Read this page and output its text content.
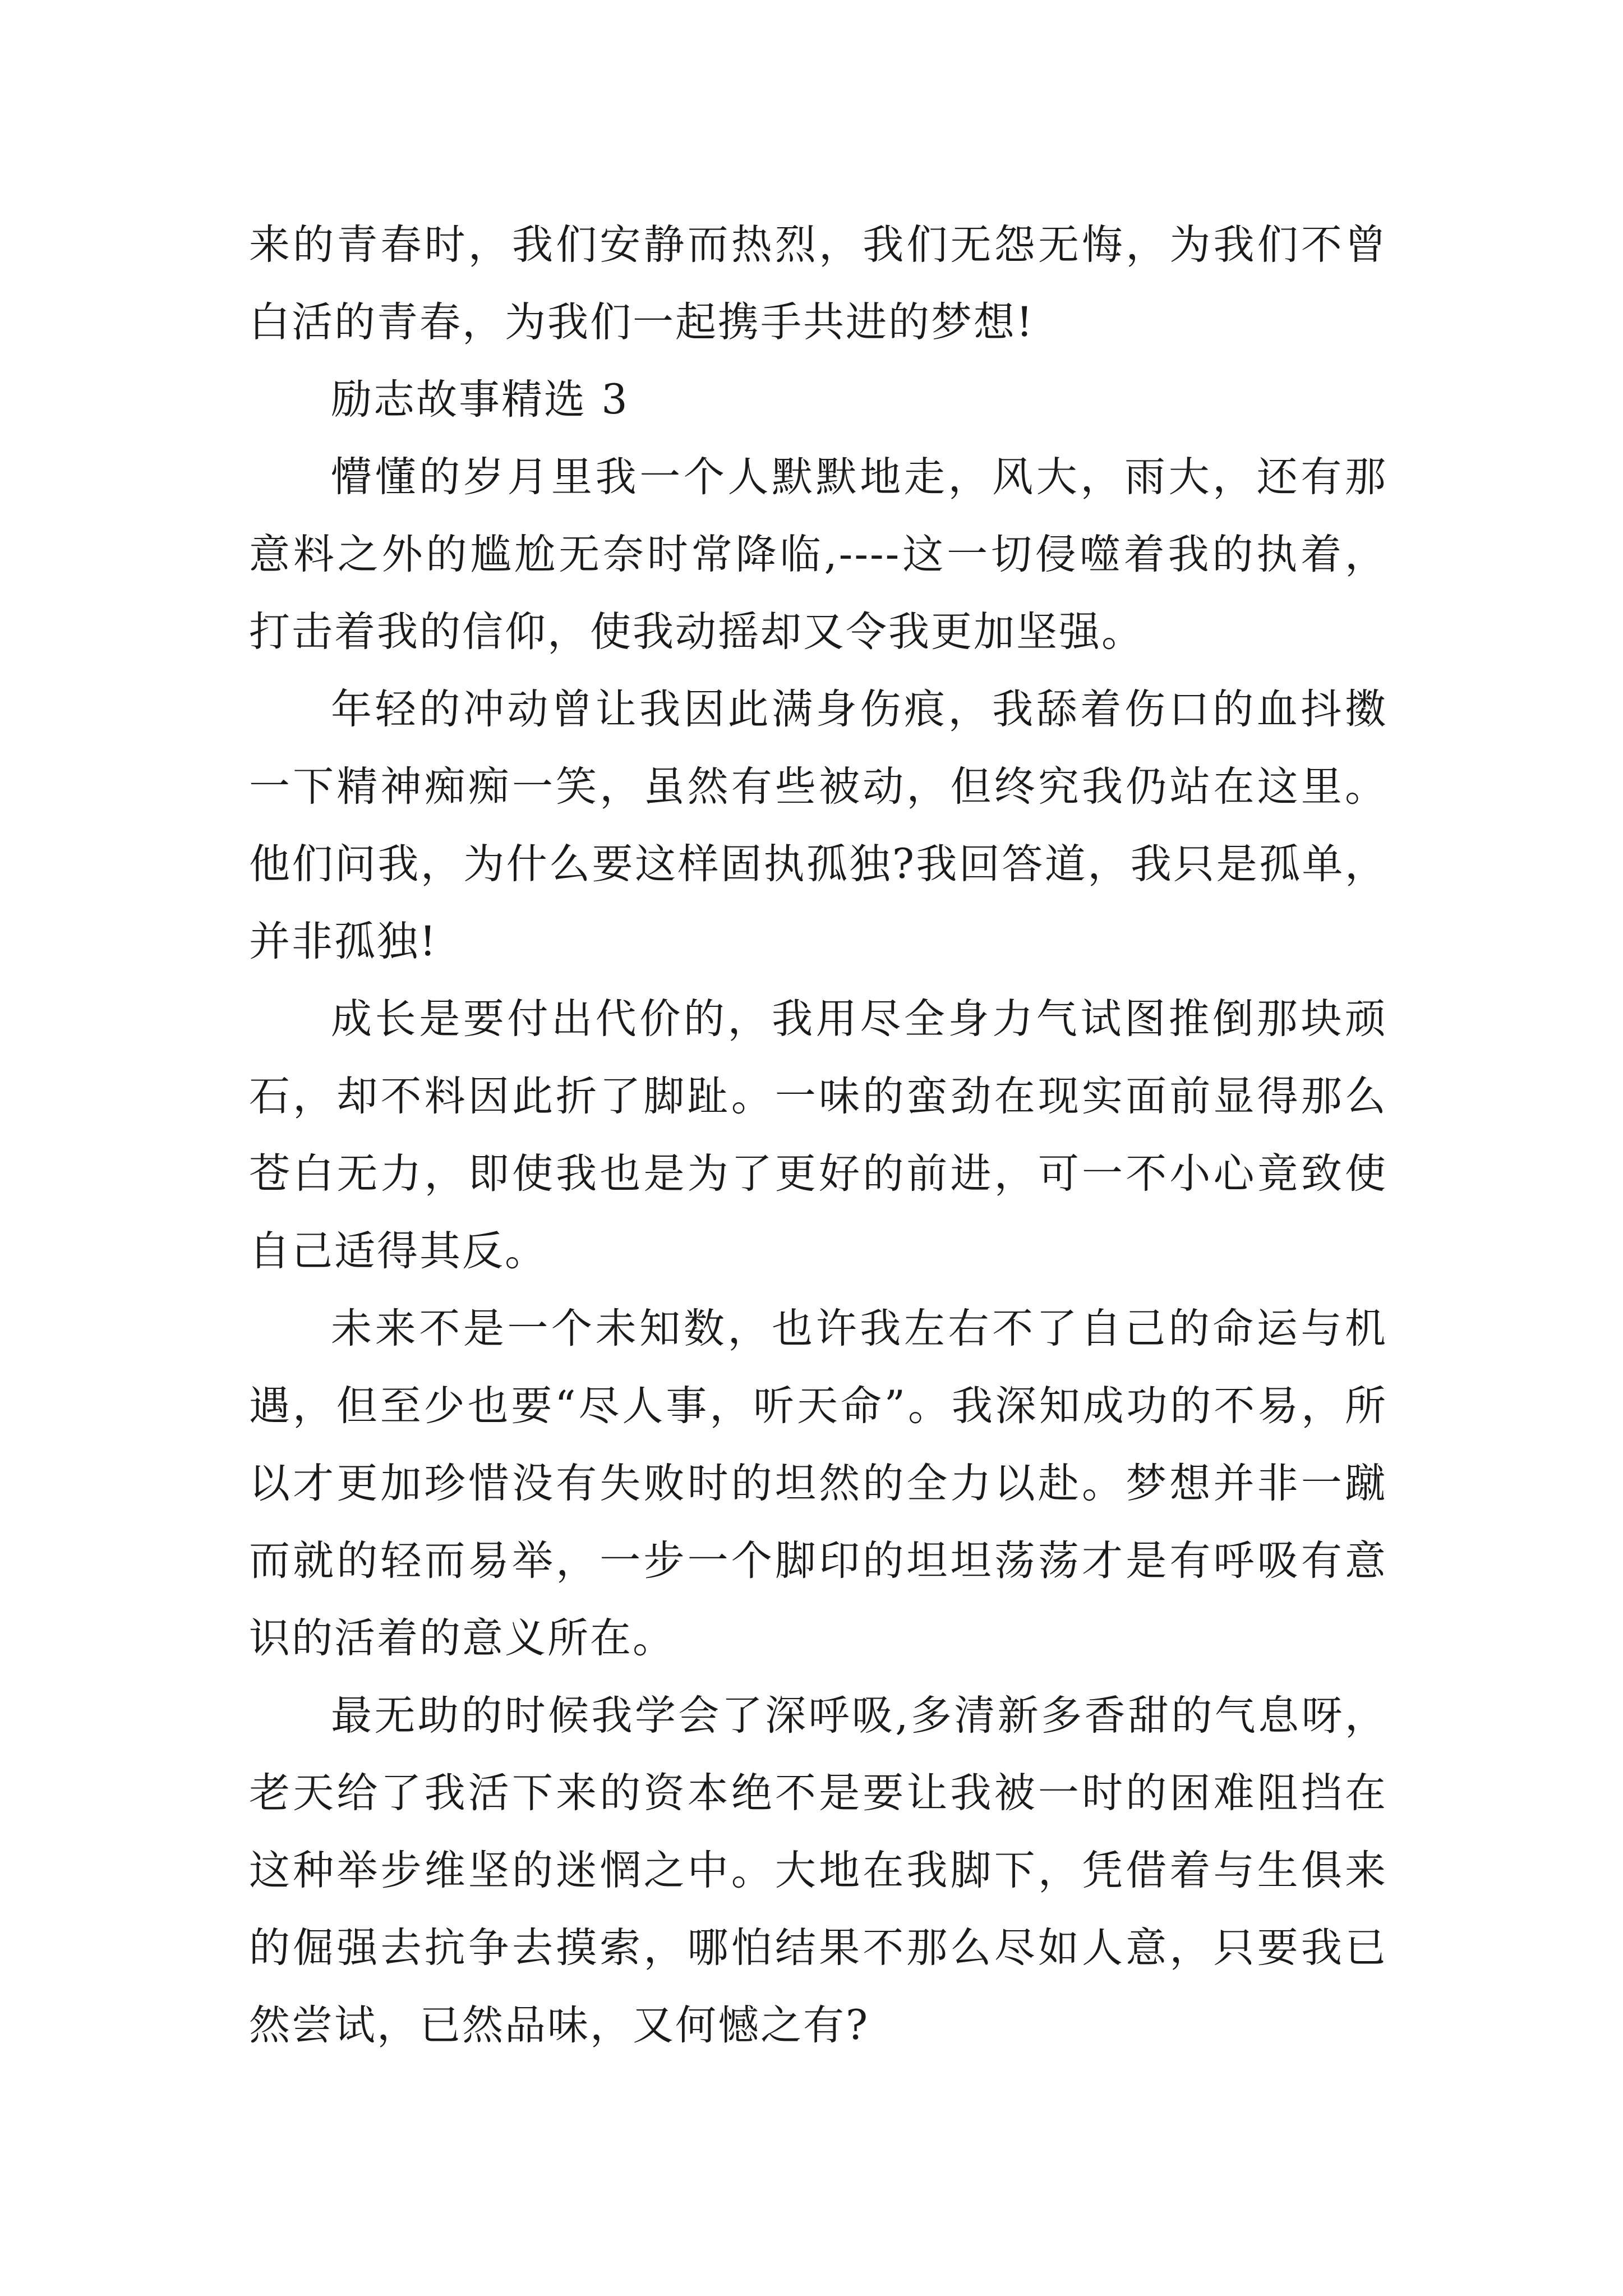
来的青春时，我们安静而热烈，我们无怨无悔，为我们不曾白活的青春，为我们一起携手共进的梦想!

励志故事精选 3

懵懂的岁月里我一个人默默地走，风大，雨大，还有那意料之外的尴尬无奈时常降临,----这一切侵噬着我的执着，打击着我的信仰，使我动摇却又令我更加坚强。

年轻的冲动曾让我因此满身伤痕，我舔着伤口的血抖擞一下精神痴痴一笑，虽然有些被动，但终究我仍站在这里。他们问我，为什么要这样固执孤独?我回答道，我只是孤单，并非孤独!

成长是要付出代价的，我用尽全身力气试图推倒那块顽石，却不料因此折了脚趾。一味的蛮劲在现实面前显得那么苍白无力，即使我也是为了更好的前进，可一不小心竟致使自己适得其反。

未来不是一个未知数，也许我左右不了自己的命运与机遇，但至少也要“尽人事，听天命”。我深知成功的不易，所以才更加珍惜没有失败时的坦然的全力以赴。梦想并非一蹴而就的轻而易举，一步一个脚印的坦坦荡荡才是有呼吸有意识的活着的意义所在。

最无助的时候我学会了深呼吸,多清新多香甜的气息呀，老天给了我活下来的资本绝不是要让我被一时的困难阻挡在这种举步维坚的迷惘之中。大地在我脚下，凭借着与生俱来的倔强去抗争去摸索，哪怕结果不那么尽如人意，只要我已然尝试，已然品味，又何憾之有?
